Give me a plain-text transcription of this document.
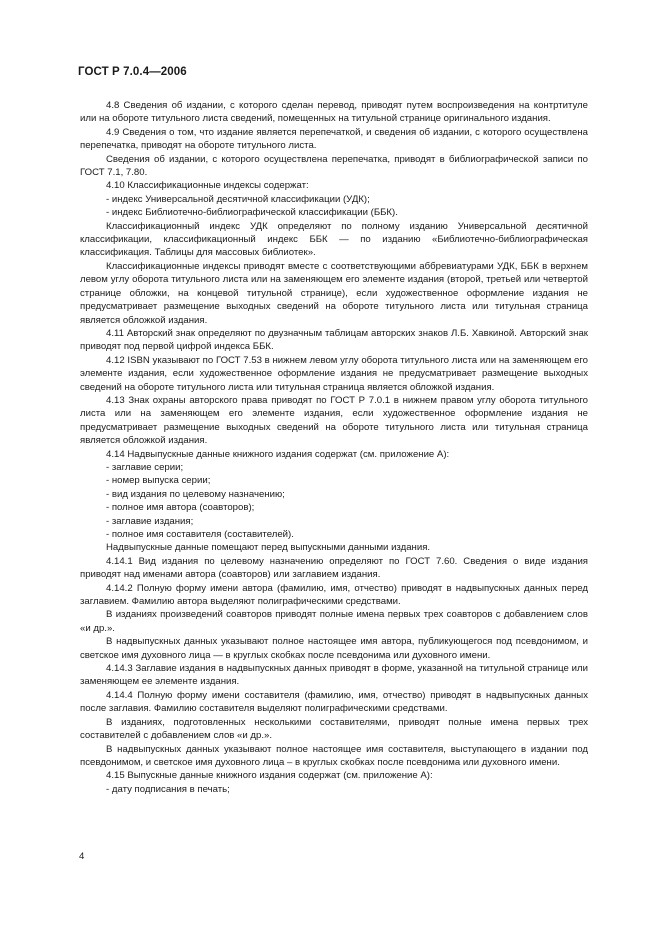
ГОСТ Р 7.0.4—2006

4.8 Сведения об издании, с которого сделан перевод, приводят путем воспроизведения на контртитуле или на обороте титульного листа сведений, помещенных на титульной странице оригинального издания.

4.9 Сведения о том, что издание является перепечаткой, и сведения об издании, с которого осуществлена перепечатка, приводят на обороте титульного листа.

Сведения об издании, с которого осуществлена перепечатка, приводят в библиографической записи по ГОСТ 7.1, 7.80.

4.10 Классификационные индексы содержат:

- индекс Универсальной десятичной классификации (УДК);

- индекс Библиотечно-библиографической классификации (ББК).

Классификационный индекс УДК определяют по полному изданию Универсальной десятичной классификации, классификационный индекс ББК — по изданию «Библиотечно-библиографическая классификация. Таблицы для массовых библиотек».

Классификационные индексы приводят вместе с соответствующими аббревиатурами УДК, ББК в верхнем левом углу оборота титульного листа или на заменяющем его элементе издания (второй, третьей или четвертой странице обложки, на концевой титульной странице), если художественное оформление издания не предусматривает размещение выходных сведений на обороте титульного листа или титульная страница является обложкой издания.

4.11 Авторский знак определяют по двузначным таблицам авторских знаков Л.Б. Хавкиной. Авторский знак приводят под первой цифрой индекса ББК.

4.12 ISBN указывают по ГОСТ 7.53 в нижнем левом углу оборота титульного листа или на заменяющем его элементе издания, если художественное оформление издания не предусматривает размещение выходных сведений на обороте титульного листа или титульная страница является обложкой издания.

4.13 Знак охраны авторского права приводят по ГОСТ Р 7.0.1 в нижнем правом углу оборота титульного листа или на заменяющем его элементе издания, если художественное оформление издания не предусматривает размещение выходных сведений на обороте титульного листа или титульная страница является обложкой издания.

4.14 Надвыпускные данные книжного издания содержат (см. приложение А):

- заглавие серии;

- номер выпуска серии;

- вид издания по целевому назначению;

- полное имя автора (соавторов);

- заглавие издания;

- полное имя составителя (составителей).

Надвыпускные данные помещают перед выпускными данными издания.

4.14.1 Вид издания по целевому назначению определяют по ГОСТ 7.60. Сведения о виде издания приводят над именами автора (соавторов) или заглавием издания.

4.14.2 Полную форму имени автора (фамилию, имя, отчество) приводят в надвыпускных данных перед заглавием. Фамилию автора выделяют полиграфическими средствами.

В изданиях произведений соавторов приводят полные имена первых трех соавторов с добавлением слов «и др.».

В надвыпускных данных указывают полное настоящее имя автора, публикующегося под псевдонимом, и светское имя духовного лица — в круглых скобках после псевдонима или духовного имени.

4.14.3 Заглавие издания в надвыпускных данных приводят в форме, указанной на титульной странице или заменяющем ее элементе издания.

4.14.4 Полную форму имени составителя (фамилию, имя, отчество) приводят в надвыпускных данных после заглавия. Фамилию составителя выделяют полиграфическими средствами.

В изданиях, подготовленных несколькими составителями, приводят полные имена первых трех составителей с добавлением слов «и др.».

В надвыпускных данных указывают полное настоящее имя составителя, выступающего в издании под псевдонимом, и светское имя духовного лица – в круглых скобках после псевдонима или духовного имени.

4.15 Выпускные данные книжного издания содержат (см. приложение А):

- дату подписания в печать;

4
